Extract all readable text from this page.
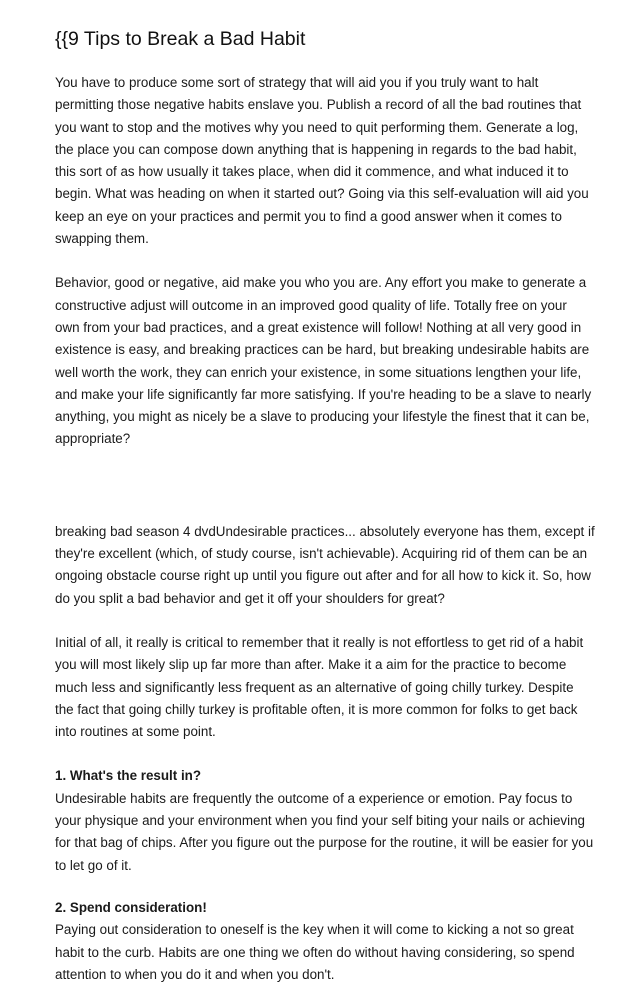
{{9 Tips to Break a Bad Habit

You have to produce some sort of strategy that will aid you if you truly want to halt permitting those negative habits enslave you. Publish a record of all the bad routines that you want to stop and the motives why you need to quit performing them. Generate a log, the place you can compose down anything that is happening in regards to the bad habit, this sort of as how usually it takes place, when did it commence, and what induced it to begin. What was heading on when it started out? Going via this self-evaluation will aid you keep an eye on your practices and permit you to find a good answer when it comes to swapping them.

Behavior, good or negative, aid make you who you are. Any effort you make to generate a constructive adjust will outcome in an improved good quality of life. Totally free on your own from your bad practices, and a great existence will follow! Nothing at all very good in existence is easy, and breaking practices can be hard, but breaking undesirable habits are well worth the work, they can enrich your existence, in some situations lengthen your life, and make your life significantly far more satisfying. If you're heading to be a slave to nearly anything, you might as nicely be a slave to producing your lifestyle the finest that it can be, appropriate?

breaking bad season 4 dvdUndesirable practices... absolutely everyone has them, except if they're excellent (which, of study course, isn't achievable). Acquiring rid of them can be an ongoing obstacle course right up until you figure out after and for all how to kick it. So, how do you split a bad behavior and get it off your shoulders for great?

Initial of all, it really is critical to remember that it really is not effortless to get rid of a habit you will most likely slip up far more than after. Make it a aim for the practice to become much less and significantly less frequent as an alternative of going chilly turkey. Despite the fact that going chilly turkey is profitable often, it is more common for folks to get back into routines at some point.

1. What's the result in?
Undesirable habits are frequently the outcome of a experience or emotion. Pay focus to your physique and your environment when you find your self biting your nails or achieving for that bag of chips. After you figure out the purpose for the routine, it will be easier for you to let go of it.
2. Spend consideration!
Paying out consideration to oneself is the key when it will come to kicking a not so great habit to the curb. Habits are one thing we often do without having considering, so spend attention to when you do it and when you don't.
